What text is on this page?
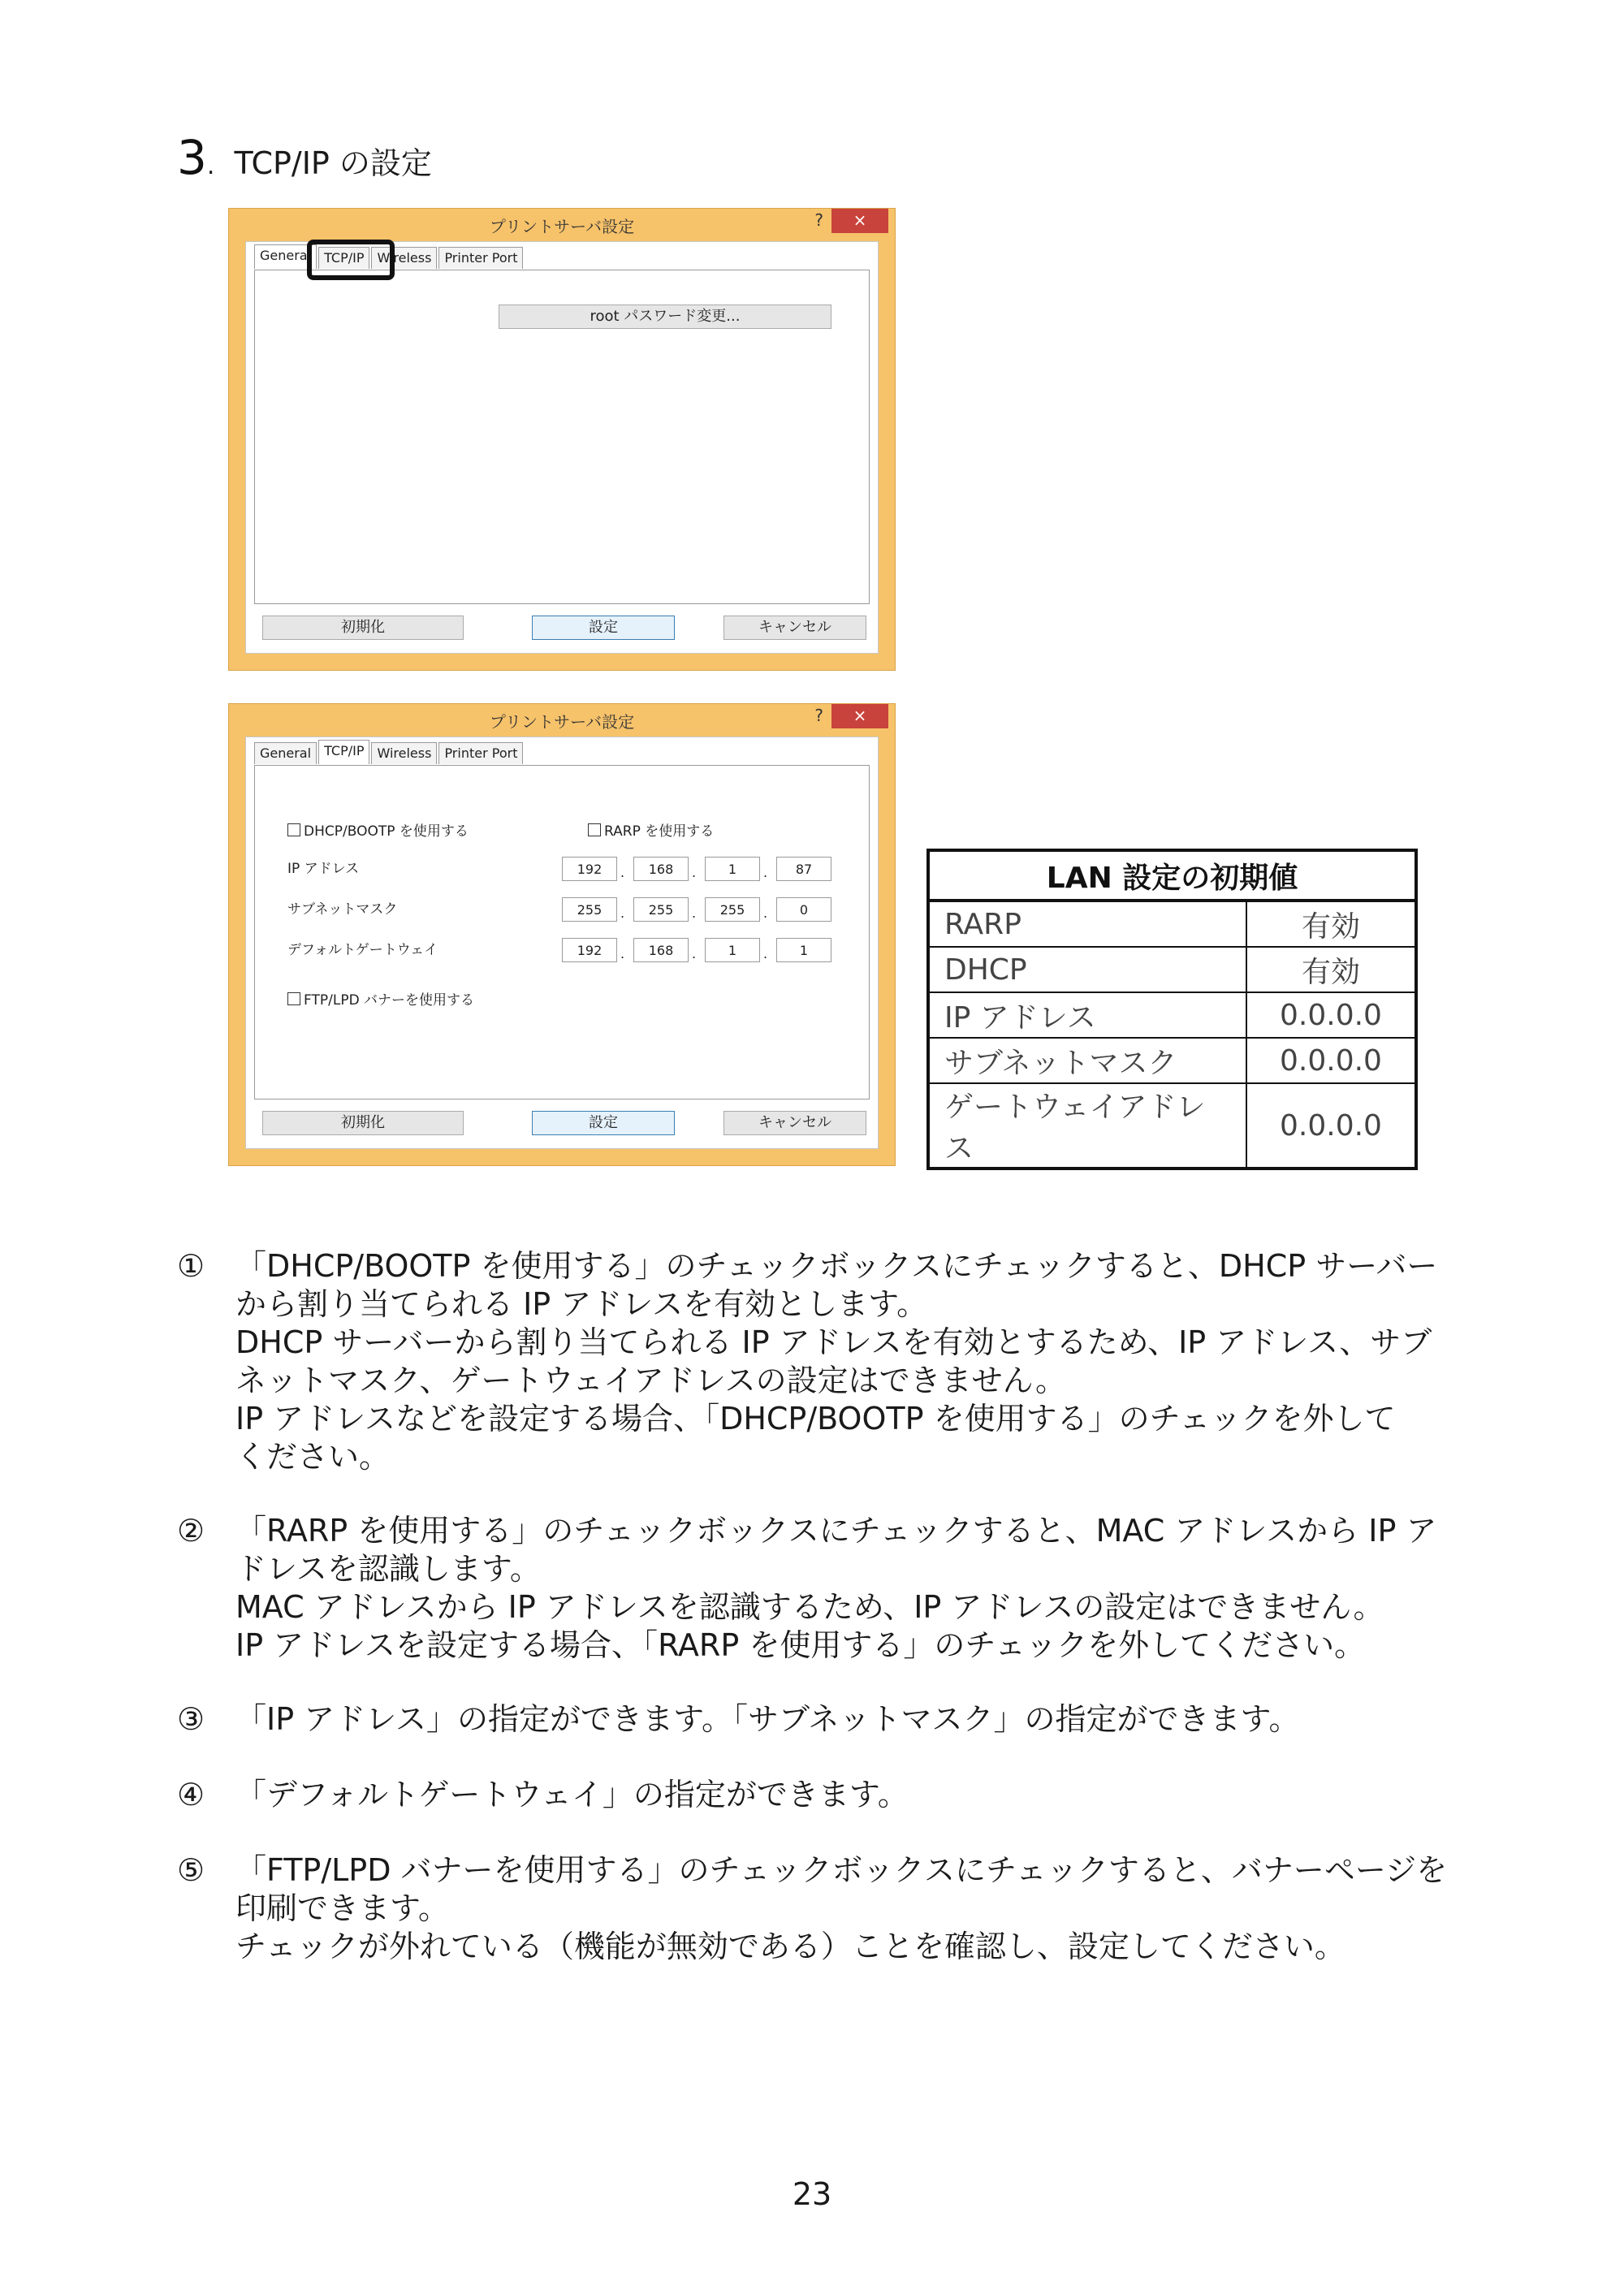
3 . TCP/IP の設定
プリントサーバ設定	?	×
General	TCP/IP	Wireless	Printer Port
root パスワード変更...
初期化	設定	キャンセル
プリントサーバ設定	?	×
General	TCP/IP	Wireless	Printer Port
DHCP/BOOTP を使用する	RARP を使用する
IP アドレス	192	.	168	.	1	.	87
サブネットマスク	255	.	255	.	255	.	0
デフォルトゲートウェイ	192	.	168	.	1	.	1
FTP/LPD バナーを使用する
初期化	設定	キャンセル
LAN 設定の初期値	
RARP	有効
DHCP	有効
IP アドレス	0.0.0.0
サブネットマスク	0.0.0.0
ゲートウェイアドレス	0.0.0.0
① 「DHCP/BOOTP を使用する」のチェックボックスにチェックすると、DHCP サーバー
から割り当てられる IP アドレスを有効とします。
DHCP サーバーから割り当てられる IP アドレスを有効とするため、IP アドレス、サブ
ネットマスク、ゲートウェイアドレスの設定はできません。
IP アドレスなどを設定する場合、「DHCP/BOOTP を使用する」のチェックを外して
ください。
② 「RARP を使用する」のチェックボックスにチェックすると、MAC アドレスから IP ア
ドレスを認識します。
MAC アドレスから IP アドレスを認識するため、IP アドレスの設定はできません。
IP アドレスを設定する場合、「RARP を使用する」のチェックを外してください。
③ 「IP アドレス」の指定ができます。「サブネットマスク」の指定ができます。
④ 「デフォルトゲートウェイ」の指定ができます。
⑤ 「FTP/LPD バナーを使用する」のチェックボックスにチェックすると、バナーページを
印刷できます。
チェックが外れている（機能が無効である）ことを確認し、設定してください。
23
